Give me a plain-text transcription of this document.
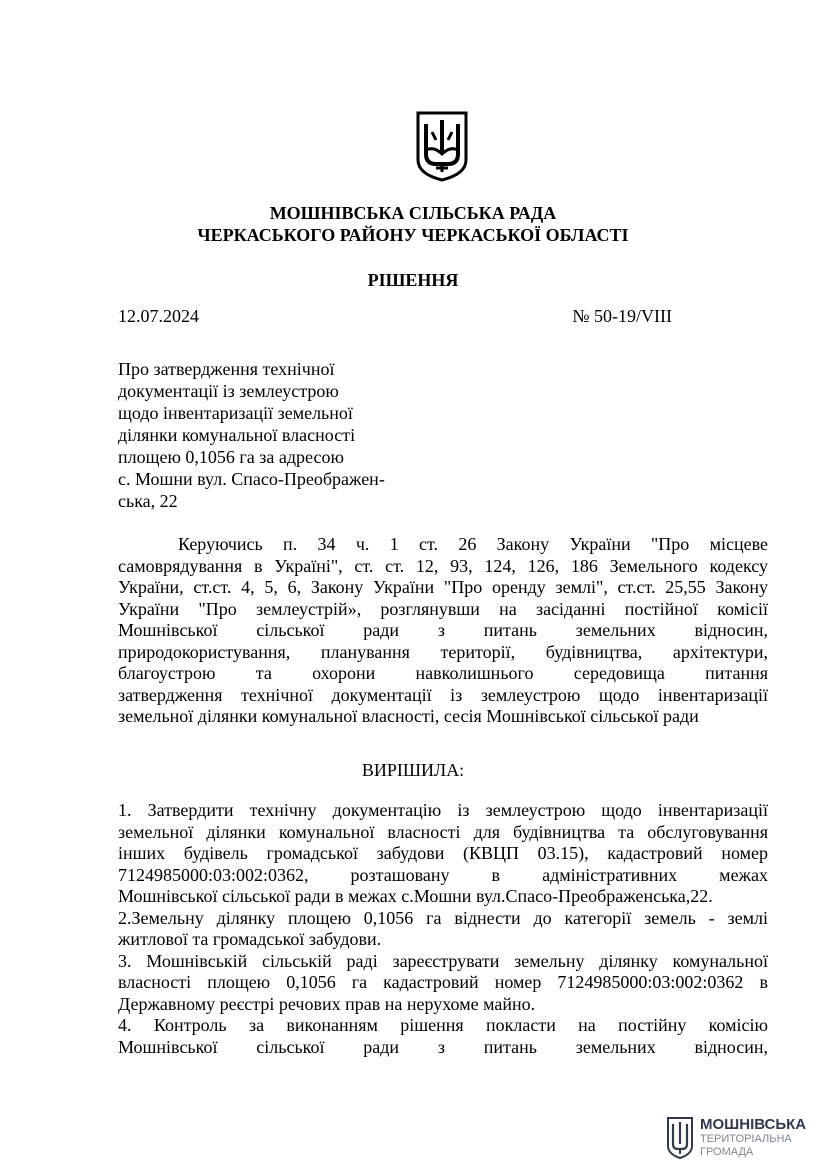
МОШНІВСЬКА СІЛЬСЬКА РАДА
ЧЕРКАСЬКОГО РАЙОНУ ЧЕРКАСЬКОЇ ОБЛАСТІ
РІШЕННЯ
12.07.2024	№ 50-19/VIII
Про затвердження технічної
документації із землеустрою
щодо інвентаризації земельної
ділянки комунальної власності
площею 0,1056 га за адресою
с. Мошни вул. Спасо-Преображен-
ська, 22
Керуючись п. 34 ч. 1 ст. 26 Закону України "Про місцеве
самоврядування в Україні", ст. ст. 12, 93, 124, 126, 186 Земельного кодексу
України, ст.ст. 4, 5, 6, Закону України "Про оренду землі", ст.ст. 25,55 Закону
України "Про землеустрій», розглянувши на засіданні постійної комісії
Мошнівської сільської ради з питань земельних відносин,
природокористування, планування території, будівництва, архітектури,
благоустрою та охорони навколишнього середовища питання
затвердження технічної документації із землеустрою щодо інвентаризації
земельної ділянки комунальної власності, сесія Мошнівської сільської ради
ВИРІШИЛА:
1. Затвердити технічну документацію із землеустрою щодо інвентаризації
земельної ділянки комунальної власності для будівництва та обслуговування
інших будівель громадської забудови (КВЦП 03.15), кадастровий номер
7124985000:03:002:0362, розташовану в адміністративних межах
Мошнівської сільської ради в межах с.Мошни вул.Спасо-Преображенська,22.
2.Земельну ділянку площею 0,1056 га віднести до категорії земель - землі
житлової та громадської забудови.
3. Мошнівській сільській раді зареєструвати земельну ділянку комунальної
власності площею 0,1056 га кадастровий номер 7124985000:03:002:0362 в
Державному реєстрі речових прав на нерухоме майно.
4. Контроль за виконанням рішення покласти на постійну комісію
Мошнівської сільської ради з питань земельних відносин,
МОШНІВСЬКА
ТЕРИТОРІАЛЬНА
ГРОМАДА
